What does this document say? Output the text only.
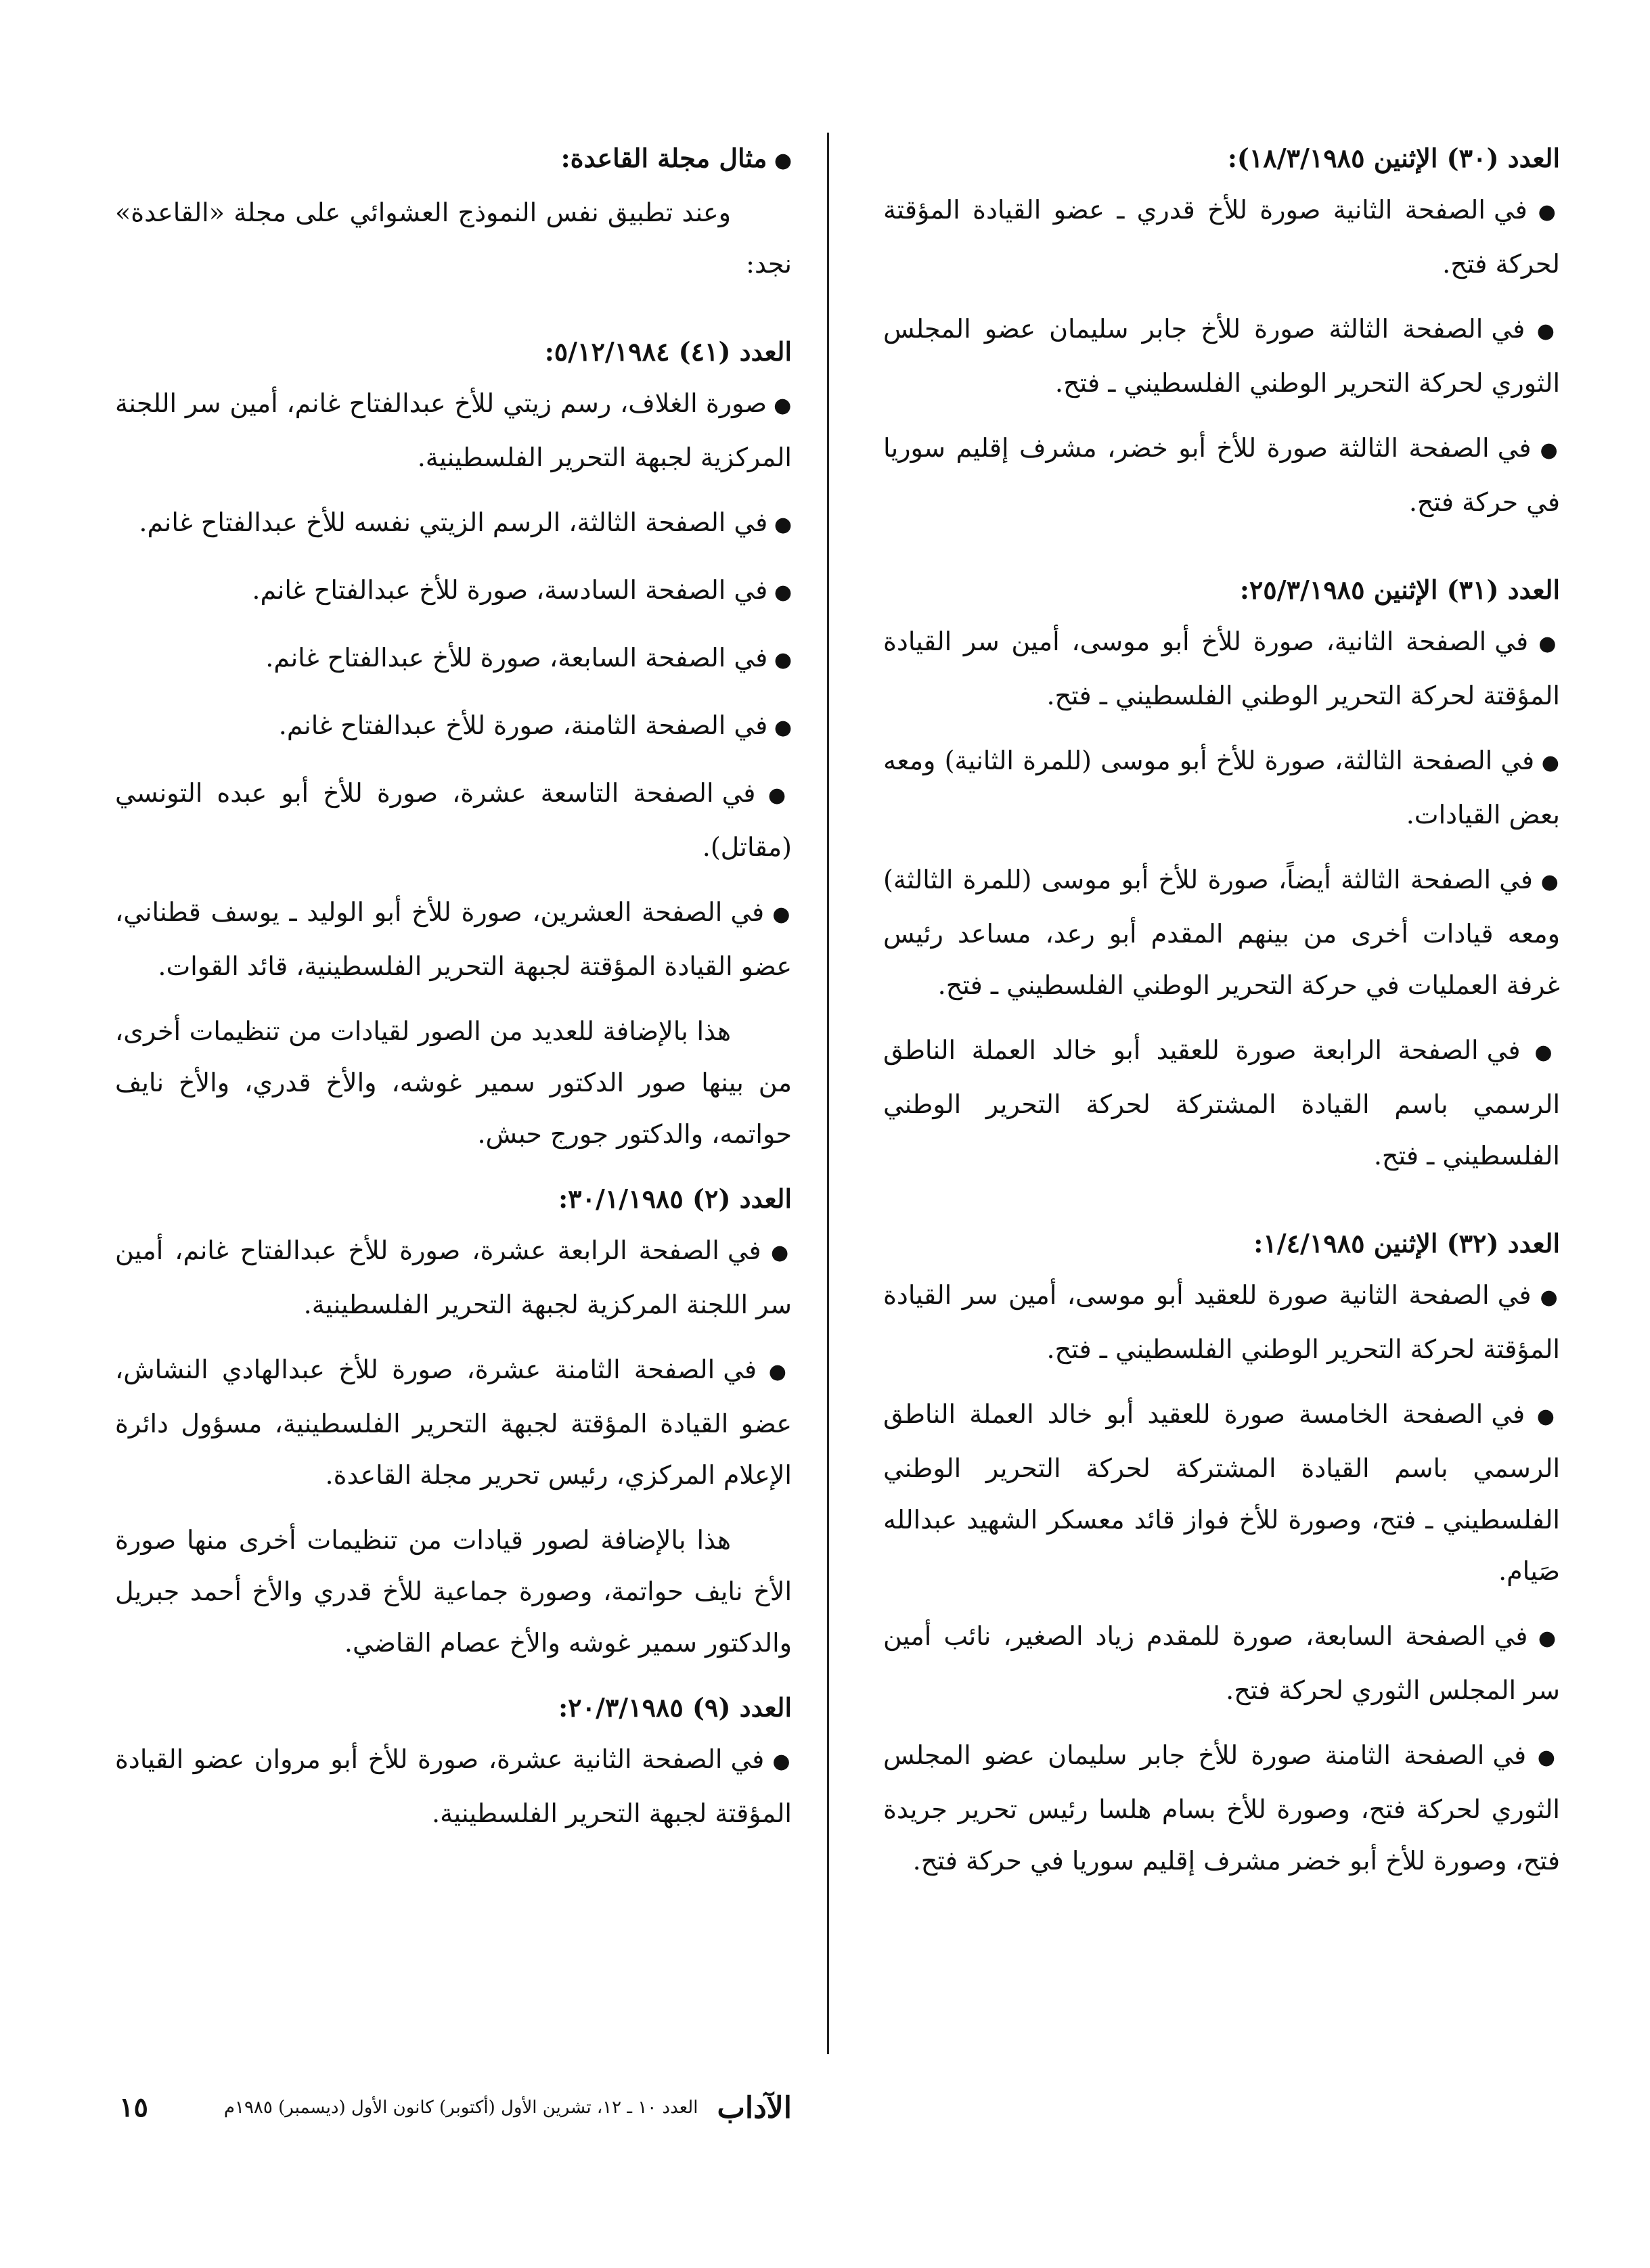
العدد (٣٠) الإثنين ١٨/٣/١٩٨٥):

● في الصفحة الثانية صورة للأخ قدري ـ عضو القيادة المؤقتة لحركة فتح.

● في الصفحة الثالثة صورة للأخ جابر سليمان عضو المجلس الثوري لحركة التحرير الوطني الفلسطيني ـ فتح.

● في الصفحة الثالثة صورة للأخ أبو خضر، مشرف إقليم سوريا في حركة فتح.

العدد (٣١) الإثنين ٢٥/٣/١٩٨٥:

● في الصفحة الثانية، صورة للأخ أبو موسى، أمين سر القيادة المؤقتة لحركة التحرير الوطني الفلسطيني ـ فتح.

● في الصفحة الثالثة، صورة للأخ أبو موسى (للمرة الثانية) ومعه بعض القيادات.

● في الصفحة الثالثة أيضاً، صورة للأخ أبو موسى (للمرة الثالثة) ومعه قيادات أخرى من بينهم المقدم أبو رعد، مساعد رئيس غرفة العمليات في حركة التحرير الوطني الفلسطيني ـ فتح.

● في الصفحة الرابعة صورة للعقيد أبو خالد العملة الناطق الرسمي باسم القيادة المشتركة لحركة التحرير الوطني الفلسطيني ـ فتح.

العدد (٣٢) الإثنين ١/٤/١٩٨٥:

● في الصفحة الثانية صورة للعقيد أبو موسى، أمين سر القيادة المؤقتة لحركة التحرير الوطني الفلسطيني ـ فتح.

● في الصفحة الخامسة صورة للعقيد أبو خالد العملة الناطق الرسمي باسم القيادة المشتركة لحركة التحرير الوطني الفلسطيني ـ فتح، وصورة للأخ فواز قائد معسكر الشهيد عبدالله صَيام.

● في الصفحة السابعة، صورة للمقدم زياد الصغير، نائب أمين سر المجلس الثوري لحركة فتح.

● في الصفحة الثامنة صورة للأخ جابر سليمان عضو المجلس الثوري لحركة فتح، وصورة للأخ بسام هلسا رئيس تحرير جريدة فتح، وصورة للأخ أبو خضر مشرف إقليم سوريا في حركة فتح.

● مثال مجلة القاعدة:

وعند تطبيق نفس النموذج العشوائي على مجلة «القاعدة» نجد:

العدد (٤١) ٥/١٢/١٩٨٤:

● صورة الغلاف، رسم زيتي للأخ عبدالفتاح غانم، أمين سر اللجنة المركزية لجبهة التحرير الفلسطينية.

● في الصفحة الثالثة، الرسم الزيتي نفسه للأخ عبدالفتاح غانم.

● في الصفحة السادسة، صورة للأخ عبدالفتاح غانم.

● في الصفحة السابعة، صورة للأخ عبدالفتاح غانم.

● في الصفحة الثامنة، صورة للأخ عبدالفتاح غانم.

● في الصفحة التاسعة عشرة، صورة للأخ أبو عبده التونسي (مقاتل).

● في الصفحة العشرين، صورة للأخ أبو الوليد ـ يوسف قطناني، عضو القيادة المؤقتة لجبهة التحرير الفلسطينية، قائد القوات.

هذا بالإضافة للعديد من الصور لقيادات من تنظيمات أخرى، من بينها صور الدكتور سمير غوشه، والأخ قدري، والأخ نايف حواتمه، والدكتور جورج حبش.

العدد (٢) ٣٠/١/١٩٨٥:

● في الصفحة الرابعة عشرة، صورة للأخ عبدالفتاح غانم، أمين سر اللجنة المركزية لجبهة التحرير الفلسطينية.

● في الصفحة الثامنة عشرة، صورة للأخ عبدالهادي النشاش، عضو القيادة المؤقتة لجبهة التحرير الفلسطينية، مسؤول دائرة الإعلام المركزي، رئيس تحرير مجلة القاعدة.

هذا بالإضافة لصور قيادات من تنظيمات أخرى منها صورة الأخ نايف حواتمة، وصورة جماعية للأخ قدري والأخ أحمد جبريل والدكتور سمير غوشه والأخ عصام القاضي.

العدد (٩) ٢٠/٣/١٩٨٥:

● في الصفحة الثانية عشرة، صورة للأخ أبو مروان عضو القيادة المؤقتة لجبهة التحرير الفلسطينية.

الآداب
العدد ١٠ ـ ١٢، تشرين الأول (أكتوبر) كانون الأول (ديسمبر) ١٩٨٥م
١٥
